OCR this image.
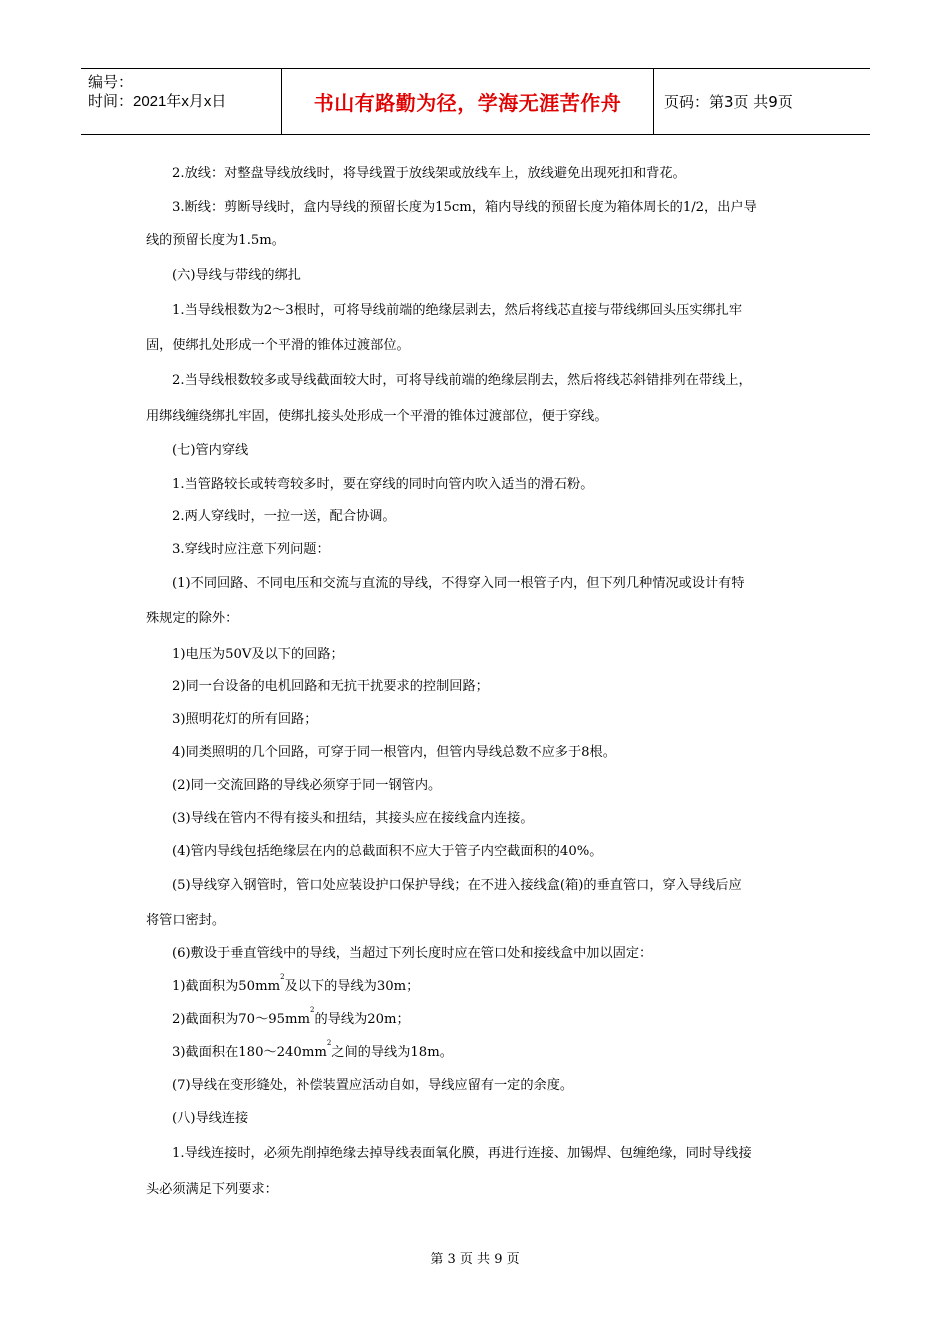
编号：
时间：2021年x月x日	书山有路勤为径，学海无涯苦作舟	页码：第3页 共9页
2.放线：对整盘导线放线时，将导线置于放线架或放线车上，放线避免出现死扣和背花。
3.断线：剪断导线时，盒内导线的预留长度为15cm，箱内导线的预留长度为箱体周长的1/2，出户导
线的预留长度为1.5m。
(六)导线与带线的绑扎
1.当导线根数为2～3根时，可将导线前端的绝缘层剥去，然后将线芯直接与带线绑回头压实绑扎牢
固，使绑扎处形成一个平滑的锥体过渡部位。
2.当导线根数较多或导线截面较大时，可将导线前端的绝缘层削去，然后将线芯斜错排列在带线上，
用绑线缠绕绑扎牢固，使绑扎接头处形成一个平滑的锥体过渡部位，便于穿线。
(七)管内穿线
1.当管路较长或转弯较多时，要在穿线的同时向管内吹入适当的滑石粉。
2.两人穿线时，一拉一送，配合协调。
3.穿线时应注意下列问题：
(1)不同回路、不同电压和交流与直流的导线，不得穿入同一根管子内，但下列几种情况或设计有特
殊规定的除外：
1)电压为50V及以下的回路；
2)同一台设备的电机回路和无抗干扰要求的控制回路；
3)照明花灯的所有回路；
4)同类照明的几个回路，可穿于同一根管内，但管内导线总数不应多于8根。
(2)同一交流回路的导线必须穿于同一钢管内。
(3)导线在管内不得有接头和扭结，其接头应在接线盒内连接。
(4)管内导线包括绝缘层在内的总截面积不应大于管子内空截面积的40%。
(5)导线穿入钢管时，管口处应装设护口保护导线；在不进入接线盒(箱)的垂直管口，穿入导线后应
将管口密封。
(6)敷设于垂直管线中的导线，当超过下列长度时应在管口处和接线盒中加以固定：
1)截面积为$50mm^2$及以下的导线为30m；
2)截面积为$70\sim 95mm^2$的导线为20m；
3)截面积在$180\sim 240mm^2$之间的导线为18m。
(7)导线在变形缝处，补偿装置应活动自如，导线应留有一定的余度。
(八)导线连接
1.导线连接时，必须先削掉绝缘去掉导线表面氧化膜，再进行连接、加锡焊、包缠绝缘，同时导线接
头必须满足下列要求：
第 3 页 共 9 页
